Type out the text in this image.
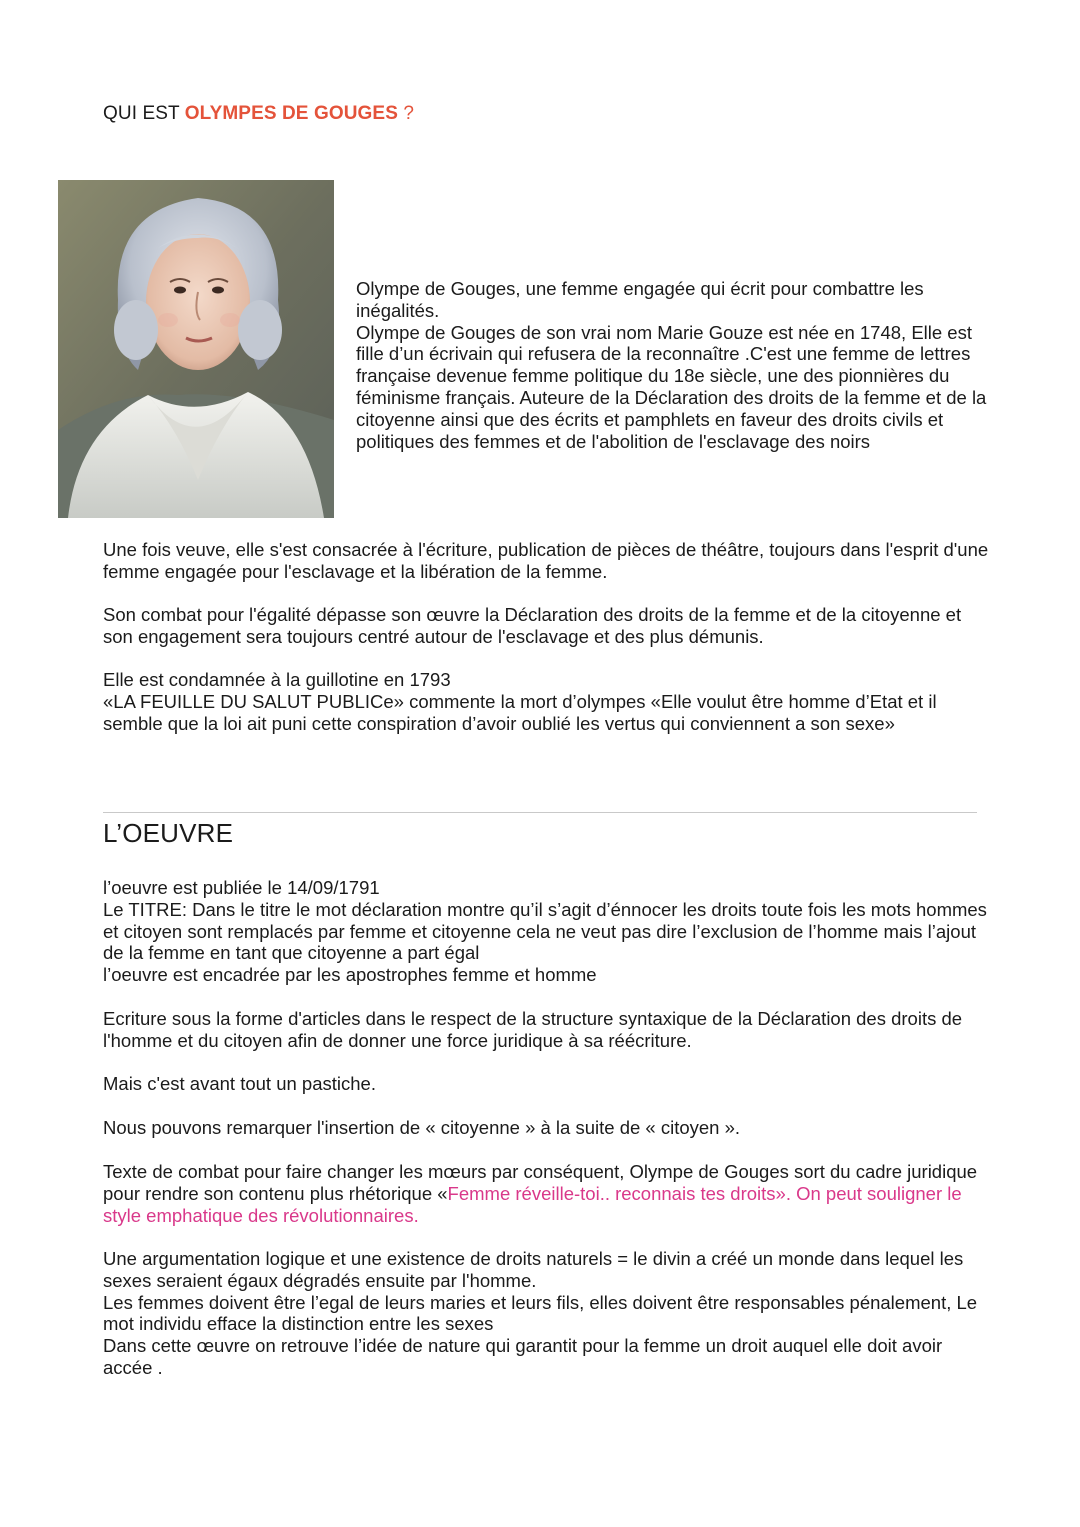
QUI EST OLYMPES DE GOUGES ?
Olympe de Gouges, une femme engagée qui écrit pour combattre les inégalités.
Olympe de Gouges de son vrai nom Marie Gouze est née en 1748, Elle est fille d’un écrivain qui refusera de la reconnaître .C'est une femme de lettres française devenue femme politique du 18e siècle, une des pionnières du féminisme français. Auteure de la Déclaration des droits de la femme et de la citoyenne ainsi que des écrits et pamphlets en faveur des droits civils et politiques des femmes et de l'abolition de l'esclavage des noirs
Une fois veuve, elle s'est consacrée à l'écriture, publication de pièces de théâtre, toujours dans l'esprit d'une femme engagée pour l'esclavage et la libération de la femme.
Son combat pour l'égalité dépasse son œuvre la Déclaration des droits de la femme et de la citoyenne et son engagement sera toujours centré autour de l'esclavage et des plus démunis.
Elle est condamnée à la guillotine en 1793
«LA FEUILLE DU SALUT PUBLICe» commente la mort d’olympes «Elle voulut être homme d’Etat et il semble que la loi ait puni cette conspiration d’avoir oublié les vertus qui conviennent a son sexe»
L’OEUVRE
l’oeuvre est publiée le 14/09/1791
Le TITRE: Dans le titre le mot déclaration montre qu’il s’agit d’énnocer les droits toute fois les mots hommes et citoyen sont remplacés par femme et citoyenne cela ne veut pas dire l’exclusion de l’homme mais l’ajout de la femme en tant que citoyenne a part égal
l’oeuvre est encadrée par les apostrophes femme et homme
Ecriture sous la forme d'articles dans le respect de la structure syntaxique de la Déclaration des droits de l'homme et du citoyen afin de donner une force juridique à sa réécriture.
Mais c'est avant tout un pastiche.
Nous pouvons remarquer l'insertion de « citoyenne » à la suite de « citoyen ».
Texte de combat pour faire changer les mœurs par conséquent, Olympe de Gouges sort du cadre juridique pour rendre son contenu plus rhétorique «Femme réveille-toi.. reconnais tes droits». On peut souligner le style emphatique des révolutionnaires.
Une argumentation logique et une existence de droits naturels = le divin a créé un monde dans lequel les sexes seraient égaux dégradés ensuite par l'homme.
Les femmes doivent être l’egal de leurs maries et leurs fils, elles doivent être responsables pénalement, Le mot individu efface la distinction entre les sexes
Dans cette œuvre on retrouve l’idée de nature qui garantit pour la femme un droit auquel elle doit avoir accée .
